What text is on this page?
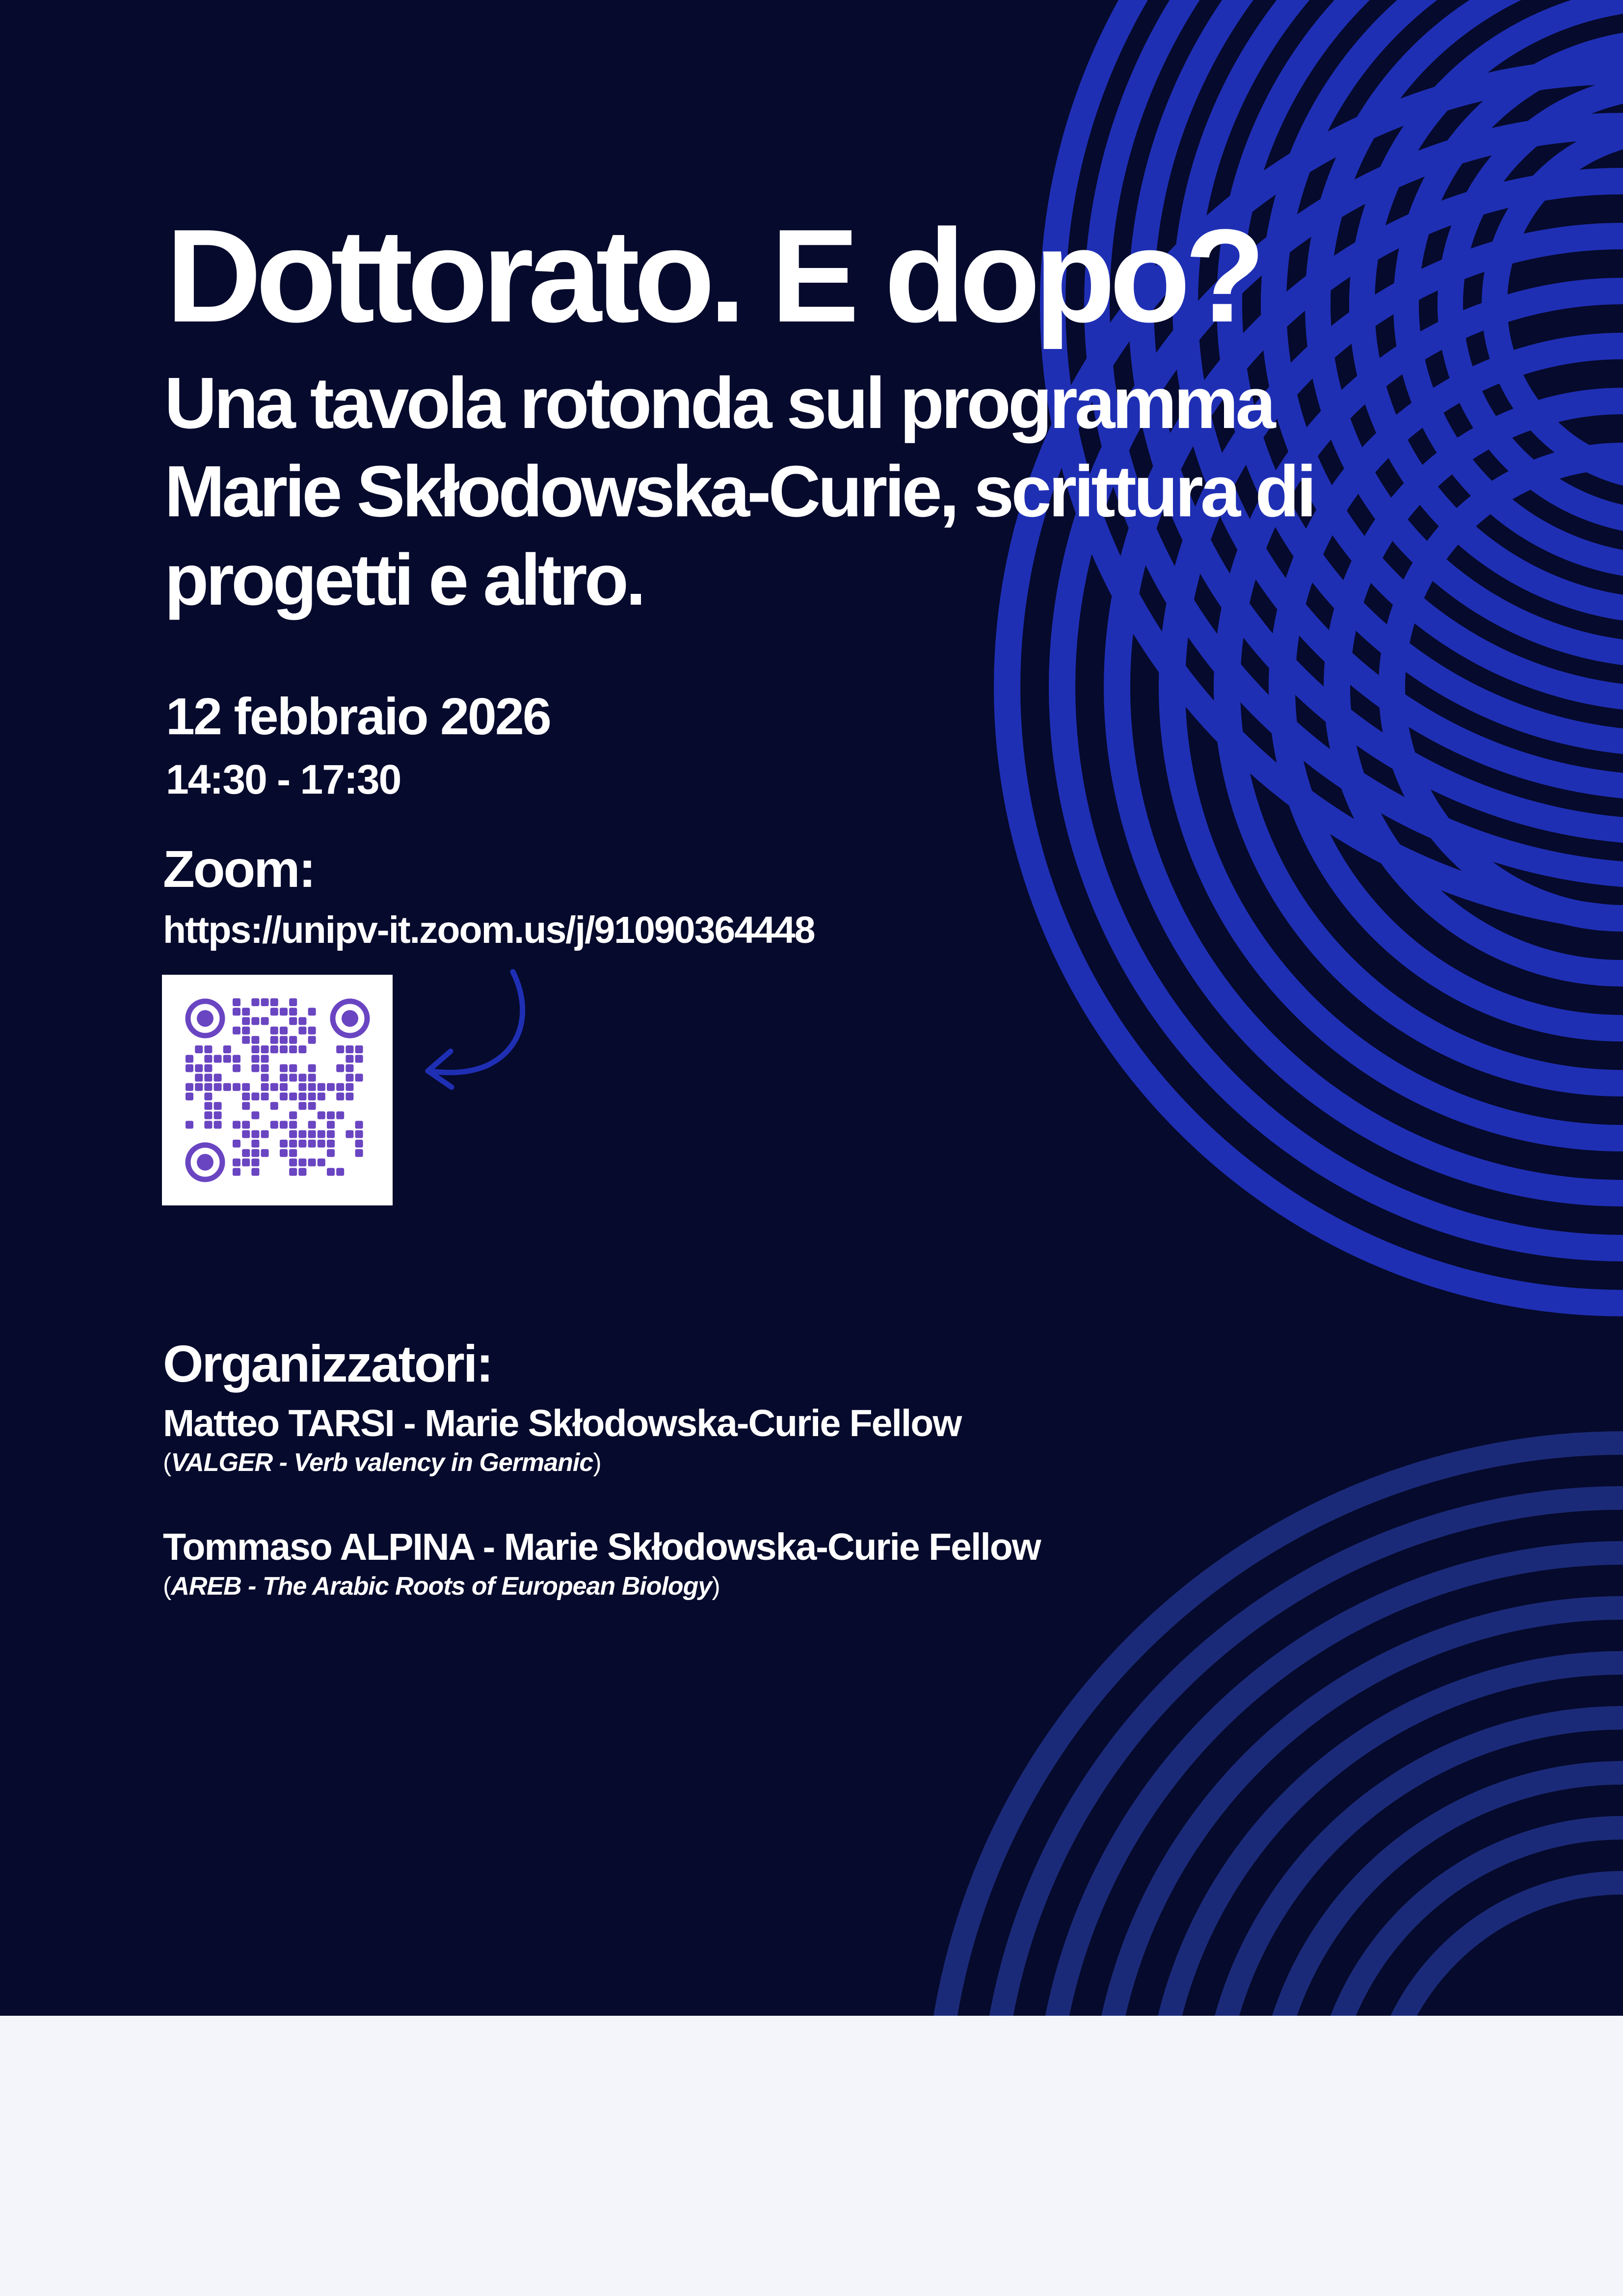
Dottorato. E dopo?
Una tavola rotonda sul programma Marie Skłodowska-Curie, scrittura di progetti e altro.
12 febbraio 2026
14:30 - 17:30
Zoom:
https://unipv-it.zoom.us/j/91090364448
Organizzatori:
Matteo TARSI - Marie Skłodowska-Curie Fellow
(VALGER - Verb valency in Germanic)
Tommaso ALPINA - Marie Skłodowska-Curie Fellow
(AREB - The Arabic Roots of European Biology)
